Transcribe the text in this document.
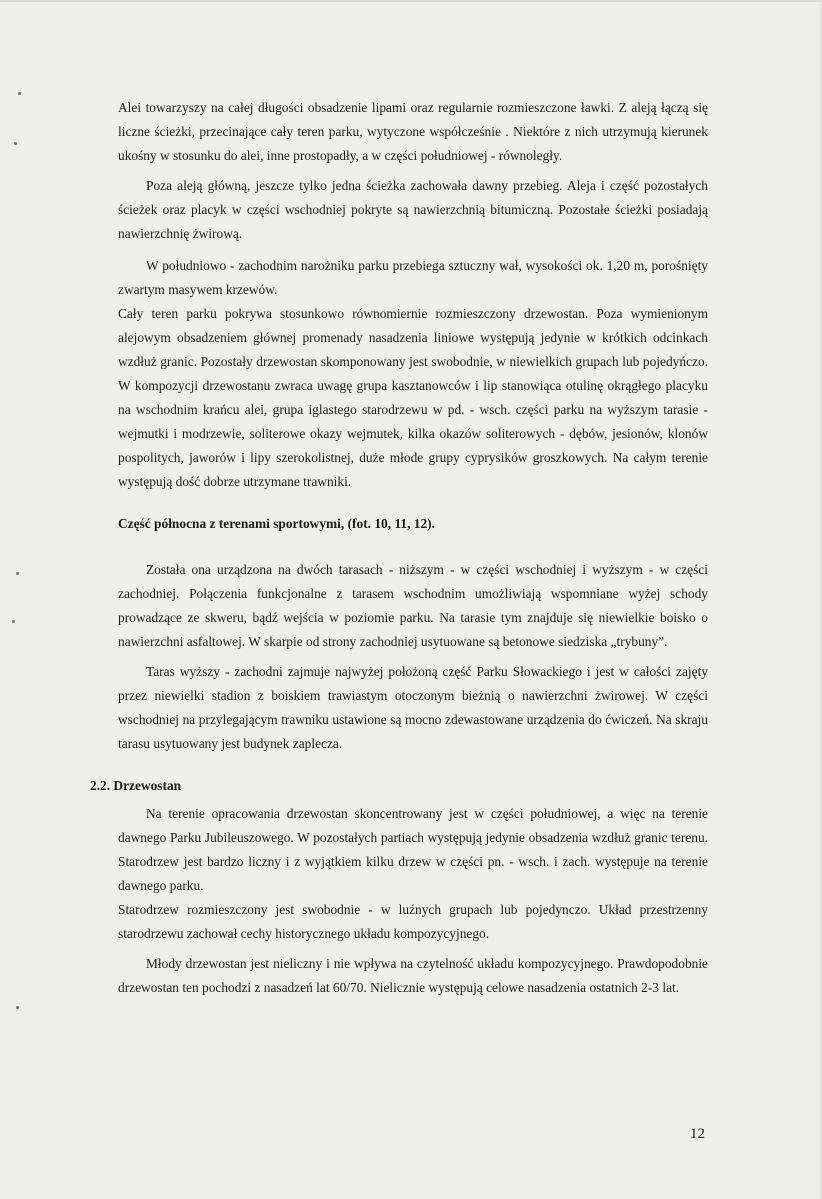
Alei towarzyszy na całej długości obsadzenie lipami oraz regularnie rozmieszczone ławki. Z aleją łączą się liczne ścieżki, przecinające cały teren parku, wytyczone współcześnie . Niektóre z nich utrzymują kierunek ukośny w stosunku do alei, inne prostopadły, a w części południowej - równoległy.

Poza aleją główną, jeszcze tylko jedna ścieżka zachowała dawny przebieg. Aleja i część pozostałych ścieżek oraz placyk w części wschodniej pokryte są nawierzchnią bitumiczną. Pozostałe ścieżki posiadają nawierzchnię żwirową.

W południowo - zachodnim narożniku parku przebiega sztuczny wał, wysokości ok. 1,20 m, porośnięty zwartym masywem krzewów.

Cały teren parku pokrywa stosunkowo równomiernie rozmieszczony drzewostan. Poza wymienionym alejowym obsadzeniem głównej promenady nasadzenia liniowe występują jedynie w krótkich odcinkach wzdłuż granic. Pozostały drzewostan skomponowany jest swobodnie, w niewielkich grupach lub pojedyńczo. W kompozycji drzewostanu zwraca uwagę grupa kasztanowców i lip stanowiąca otulinę okrągłego placyku na wschodnim krańcu alei, grupa iglastego starodrzewu w pd. - wsch. części parku na wyższym tarasie - wejmutki i modrzewie, soliterowe okazy wejmutek, kilka okazów soliterowych - dębów, jesionów, klonów pospolitych, jaworów i lipy szerokolistnej, duże młode grupy cyprysików groszkowych. Na całym terenie występują dość dobrze utrzymane trawniki.

Część północna z terenami sportowymi, (fot. 10, 11, 12).

Została ona urządzona na dwóch tarasach - niższym - w części wschodniej i wyższym - w części zachodniej. Połączenia funkcjonalne z tarasem wschodnim umożliwiają wspomniane wyżej schody prowadzące ze skweru, bądź wejścia w poziomie parku. Na tarasie tym znajduje się niewielkie boisko o nawierzchni asfaltowej. W skarpie od strony zachodniej usytuowane są betonowe siedziska „trybuny”.

Taras wyższy - zachodni zajmuje najwyżej położoną część Parku Słowackiego i jest w całości zajęty przez niewielki stadion z boiskiem trawiastym otoczonym bieżnią o nawierzchni żwirowej. W części wschodniej na przylegającym trawniku ustawione są mocno zdewastowane urządzenia do ćwiczeń. Na skraju tarasu usytuowany jest budynek zaplecza.

2.2. Drzewostan

Na terenie opracowania drzewostan skoncentrowany jest w części południowej, a więc na terenie dawnego Parku Jubileuszowego. W pozostałych partiach występują jedynie obsadzenia wzdłuż granic terenu. Starodrzew jest bardzo liczny i z wyjątkiem kilku drzew w części pn. - wsch. i zach. występuje na terenie dawnego parku.

Starodrzew rozmieszczony jest swobodnie - w luźnych grupach lub pojedynczo. Układ przestrzenny starodrzewu zachował cechy historycznego układu kompozycyjnego.

Młody drzewostan jest nieliczny i nie wpływa na czytelność układu kompozycyjnego. Prawdopodobnie drzewostan ten pochodzi z nasadzeń lat 60/70. Nielicznie występują celowe nasadzenia ostatnich 2-3 lat.

12
